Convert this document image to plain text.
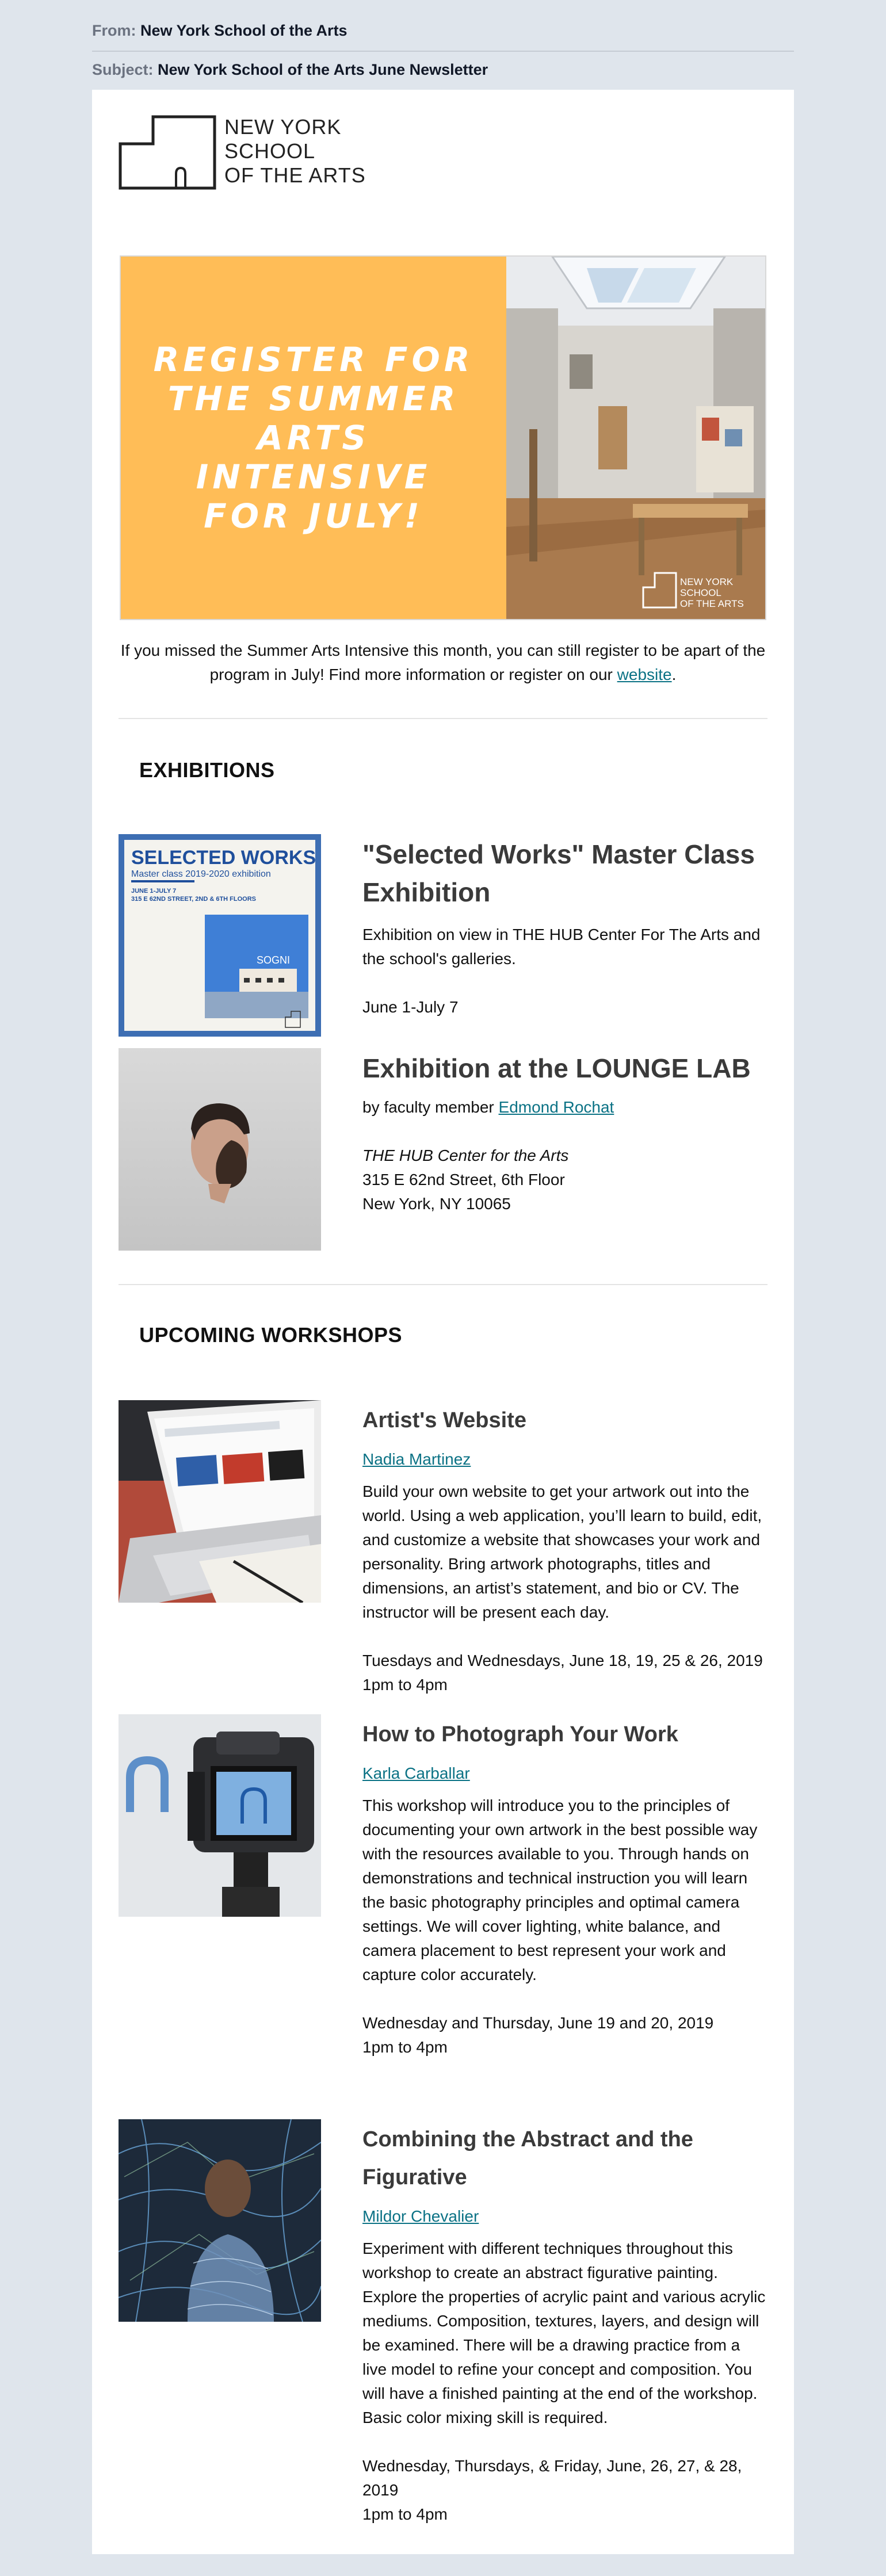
From: New York School of the Arts
Subject: New York School of the Arts June Newsletter
NEW YORK
SCHOOL
OF THE ARTS
REGISTER FOR
THE SUMMER
ARTS INTENSIVE
FOR JULY!
NEW YORK
SCHOOL
OF THE ARTS
If you missed the Summer Arts Intensive this month, you can still register to be apart of the program in July! Find more information or register on our website.
EXHIBITIONS
SELECTED WORKS
Master class 2019-2020 exhibition
JUNE 1-JULY 7
315 E 62ND STREET, 2ND & 6TH FLOORS
SOGNI
"Selected Works" Master Class Exhibition

Exhibition on view in THE HUB Center For The Arts and the school's galleries.

June 1-July 7

Exhibition at the LOUNGE LAB

by faculty member Edmond Rochat

THE HUB Center for the Arts

315 E 62nd Street, 6th Floor

New York, NY 10065

UPCOMING WORKSHOPS
Artist's Website

Nadia Martinez

Build your own website to get your artwork out into the world. Using a web application, you’ll learn to build, edit, and customize a website that showcases your work and personality. Bring artwork photographs, titles and dimensions, an artist’s statement, and bio or CV. The instructor will be present each day.

Tuesdays and Wednesdays, June 18, 19, 25 & 26, 2019

1pm to 4pm

How to Photograph Your Work

Karla Carballar

This workshop will introduce you to the principles of documenting your own artwork in the best possible way with the resources available to you. Through hands on demonstrations and technical instruction you will learn the basic photography principles and optimal camera settings. We will cover lighting, white balance, and camera placement to best represent your work and capture color accurately.

Wednesday and Thursday, June 19 and 20, 2019

1pm to 4pm

Combining the Abstract and the Figurative

Mildor Chevalier

Experiment with different techniques throughout this workshop to create an abstract figurative painting. Explore the properties of acrylic paint and various acrylic mediums. Composition, textures, layers, and design will be examined. There will be a drawing practice from a live model to refine your concept and composition. You will have a finished painting at the end of the workshop. Basic color mixing skill is required.

Wednesday, Thursdays, & Friday, June, 26, 27, & 28, 2019

1pm to 4pm
